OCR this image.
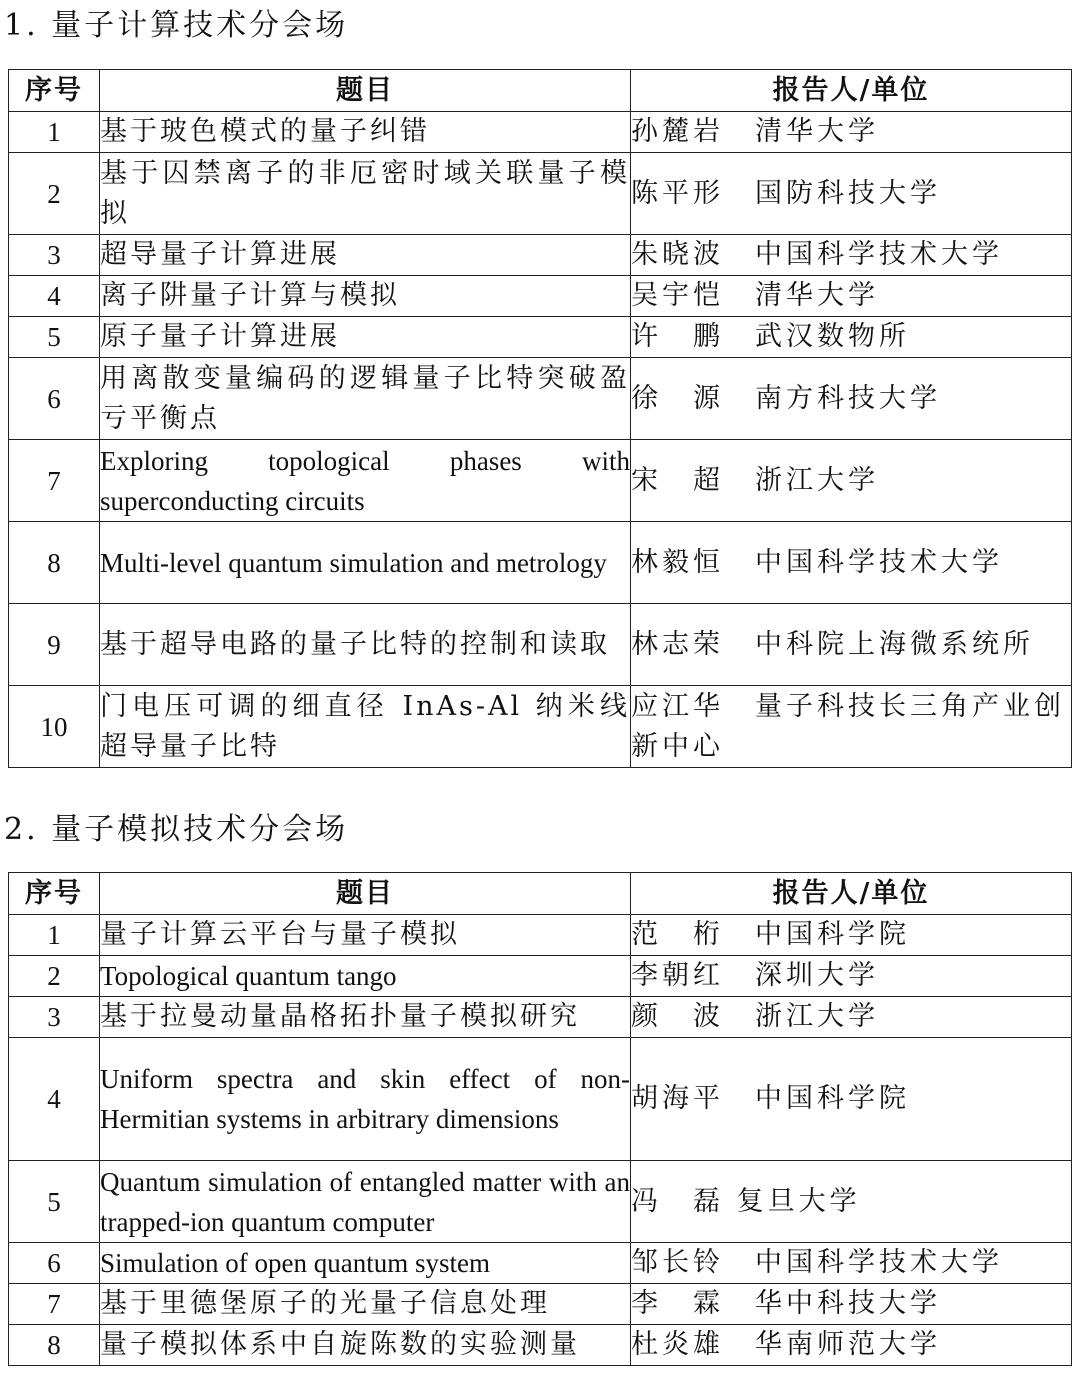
1. 量子计算技术分会场
序号	题目	报告人/单位
1	基于玻色模式的量子纠错	孙麓岩　清华大学
2	基于囚禁离子的非厄密时域关联量子模拟	陈平形　国防科技大学
3	超导量子计算进展	朱晓波　中国科学技术大学
4	离子阱量子计算与模拟	吴宇恺　清华大学
5	原子量子计算进展	许　鹏　武汉数物所
6	用离散变量编码的逻辑量子比特突破盈亏平衡点	徐　源　南方科技大学
7	Exploring topological phases with superconducting circuits	宋　超　浙江大学
8	Multi-level quantum simulation and metrology	林毅恒　中国科学技术大学
9	基于超导电路的量子比特的控制和读取	林志荣　中科院上海微系统所
10	门电压可调的细直径 InAs-Al 纳米线超导量子比特	应江华　量子科技长三角产业创新中心
2. 量子模拟技术分会场
序号	题目	报告人/单位
1	量子计算云平台与量子模拟	范　桁　中国科学院
2	Topological quantum tango	李朝红　深圳大学
3	基于拉曼动量晶格拓扑量子模拟研究	颜　波　浙江大学
4	Uniform spectra and skin effect of non-Hermitian systems in arbitrary dimensions	胡海平　中国科学院
5	Quantum simulation of entangled matter with an trapped-ion quantum computer	冯　磊 复旦大学
6	Simulation of open quantum system	邹长铃　中国科学技术大学
7	基于里德堡原子的光量子信息处理	李　霖　华中科技大学
8	量子模拟体系中自旋陈数的实验测量	杜炎雄　华南师范大学
